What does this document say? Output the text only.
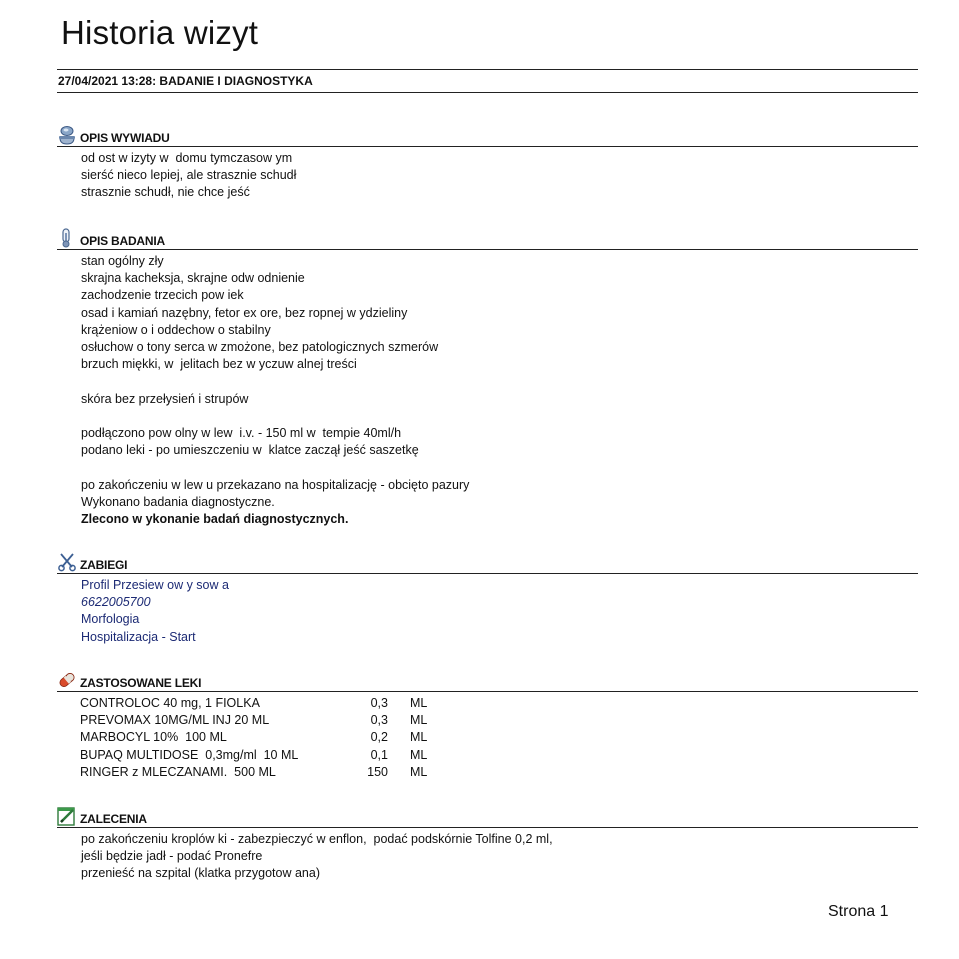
Historia wizyt
27/04/2021 13:28: BADANIE I DIAGNOSTYKA
OPIS WYWIADU
od ost w izyty w  domu tymczasow ym
sierść nieco lepiej, ale strasznie schudł
strasznie schudł, nie chce jeść
OPIS BADANIA
stan ogólny zły
skrajna kacheksja, skrajne odw odnienie
zachodzenie trzecich pow iek
osad i kamiań nazębny, fetor ex ore, bez ropnej w ydzieliny
krążeniow o i oddechow o stabilny
osłuchow o tony serca w zmożone, bez patologicznych szmerów
brzuch miękki, w  jelitach bez w yczuw alnej treści
skóra bez przełysień i strupów
podłączono pow olny w lew  i.v. - 150 ml w  tempie 40ml/h
podano leki - po umieszczeniu w  klatce zaczął jeść saszetkę
po zakończeniu w lew u przekazano na hospitalizację - obcięto pazury
Wykonano badania diagnostyczne.
Zlecono w ykonanie badań diagnostycznych.
ZABIEGI
Profil Przesiew ow y sow a
6622005700
Morfologia
Hospitalizacja - Start
ZASTOSOWANE LEKI
CONTROLOC 40 mg, 1 FIOLKA	0,3	ML
PREVOMAX 10MG/ML INJ 20 ML	0,3	ML
MARBOCYL 10%  100 ML	0,2	ML
BUPAQ MULTIDOSE  0,3mg/ml  10 ML	0,1	ML
RINGER z MLECZANAMI.  500 ML	150	ML
ZALECENIA
po zakończeniu kroplów ki - zabezpieczyć w enflon,  podać podskórnie Tolfine 0,2 ml,
jeśli będzie jadł - podać Pronefre
przenieść na szpital (klatka przygotow ana)
Strona 1
